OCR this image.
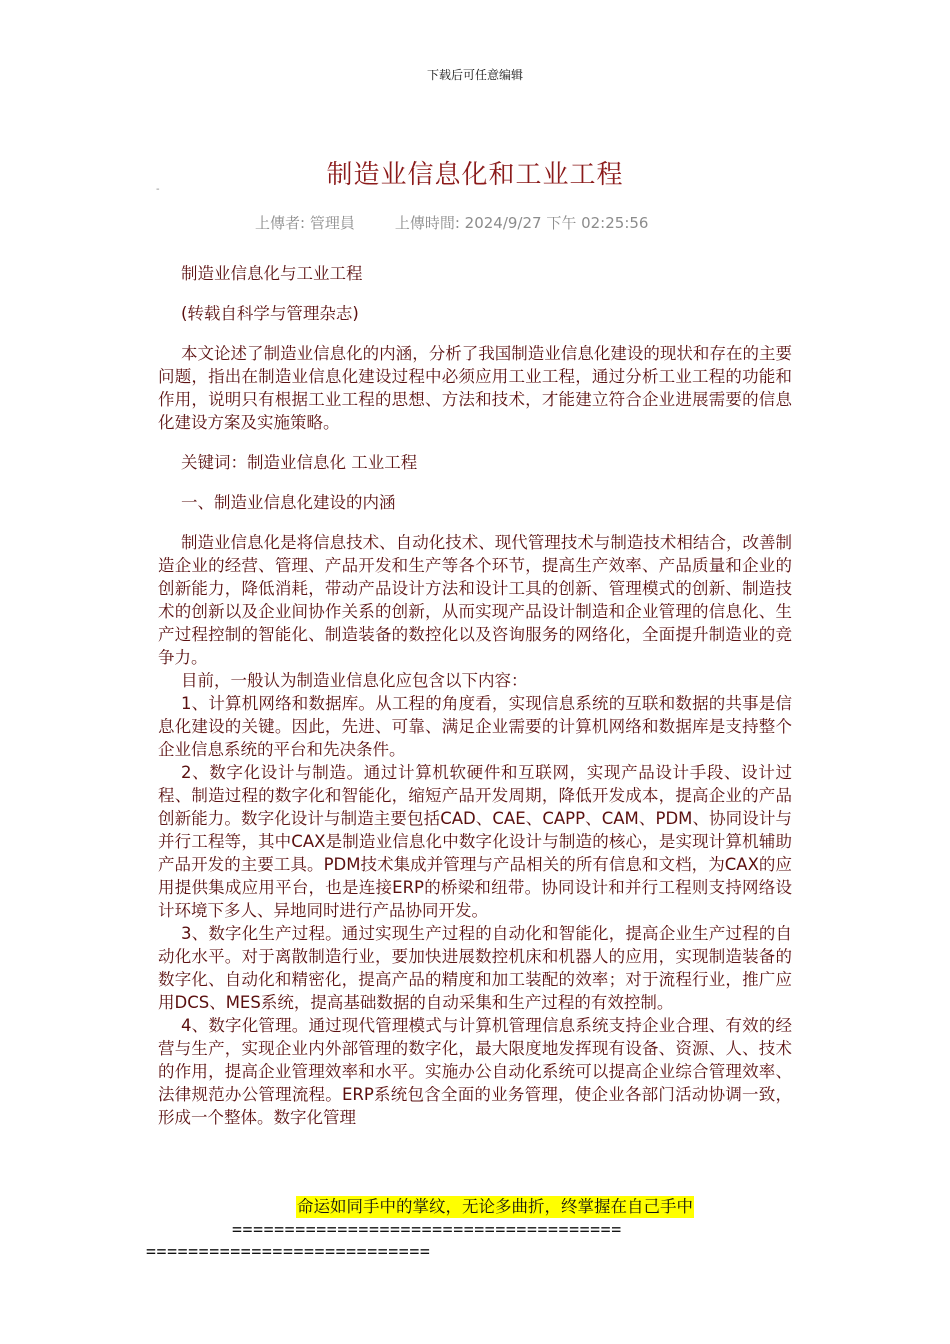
下载后可任意编辑
-	制造业信息化和工业工程
上傳者: 管理員	上傳時間: 2024/9/27 下午 02:25:56

制造业信息化与工业工程

(转载自科学与管理杂志)

本文论述了制造业信息化的内涵，分析了我国制造业信息化建设的现状和存在的主要问题，指出在制造业信息化建设过程中必须应用工业工程，通过分析工业工程的功能和作用，说明只有根据工业工程的思想、方法和技术，才能建立符合企业进展需要的信息化建设方案及实施策略。

关键词：制造业信息化 工业工程

一、制造业信息化建设的内涵

制造业信息化是将信息技术、自动化技术、现代管理技术与制造技术相结合，改善制造企业的经营、管理、产品开发和生产等各个环节，提高生产效率、产品质量和企业的创新能力，降低消耗，带动产品设计方法和设计工具的创新、管理模式的创新、制造技术的创新以及企业间协作关系的创新，从而实现产品设计制造和企业管理的信息化、生产过程控制的智能化、制造装备的数控化以及咨询服务的网络化，全面提升制造业的竞争力。

目前，一般认为制造业信息化应包含以下内容：

1、计算机网络和数据库。从工程的角度看，实现信息系统的互联和数据的共事是信息化建设的关键。因此，先进、可靠、满足企业需要的计算机网络和数据库是支持整个企业信息系统的平台和先决条件。

2、数字化设计与制造。通过计算机软硬件和互联网，实现产品设计手段、设计过程、制造过程的数字化和智能化，缩短产品开发周期，降低开发成本，提高企业的产品创新能力。数字化设计与制造主要包括CAD、CAE、CAPP、CAM、PDM、协同设计与并行工程等，其中CAX是制造业信息化中数字化设计与制造的核心，是实现计算机辅助产品开发的主要工具。PDM技术集成并管理与产品相关的所有信息和文档，为CAX的应用提供集成应用平台，也是连接ERP的桥梁和纽带。协同设计和并行工程则支持网络设计环境下多人、异地同时进行产品协同开发。

3、数字化生产过程。通过实现生产过程的自动化和智能化，提高企业生产过程的自动化水平。对于离散制造行业，要加快进展数控机床和机器人的应用，实现制造装备的数字化、自动化和精密化，提高产品的精度和加工装配的效率；对于流程行业，推广应用DCS、MES系统，提高基础数据的自动采集和生产过程的有效控制。

4、数字化管理。通过现代管理模式与计算机管理信息系统支持企业合理、有效的经营与生产，实现企业内外部管理的数字化，最大限度地发挥现有设备、资源、人、技术的作用，提高企业管理效率和水平。实施办公自动化系统可以提高企业综合管理效率、法律规范办公管理流程。ERP系统包含全面的业务管理，使企业各部门活动协调一致，形成一个整体。数字化管理

命运如同手中的掌纹，无论多曲折，终掌握在自己手中
=====================================
===========================
